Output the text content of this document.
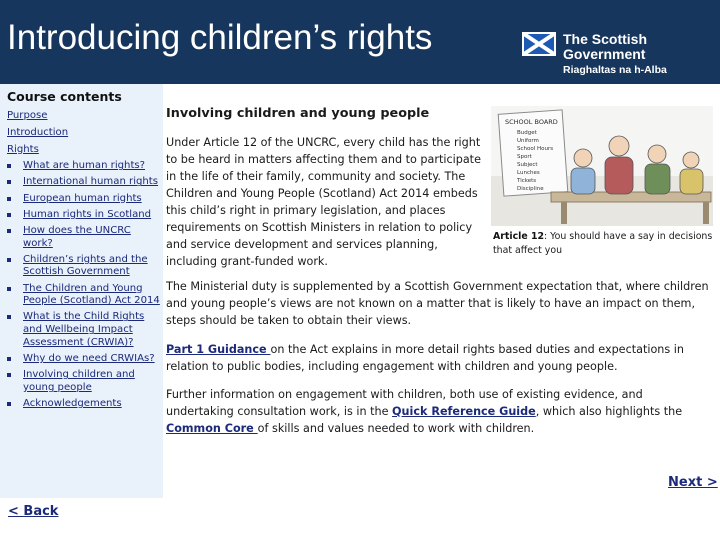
Introducing children’s rights	The Scottish Government
Riaghaltas na h-Alba
Course contents
Purpose
Introduction
Rights
What are human rights?
International human rights
European human rights
Human rights in Scotland
How does the UNCRC work?
Children’s rights and the Scottish Government
The Children and Young People (Scotland) Act 2014
What is the Child Rights and Wellbeing Impact Assessment (CRWIA)?
Why do we need CRWIAs?
Involving children and young people
Acknowledgements
Involving children and young people
Under Article 12 of the UNCRC, every child has the right to be heard in matters affecting them and to participate in the life of their family, community and society. The Children and Young People (Scotland) Act 2014 embeds this child’s right in primary legislation, and places requirements on Scottish Ministers in relation to policy and service development and services planning, including grant-funded work.
SCHOOL BOARD
Budget
Uniform
School Hours
Sport
Subject
Lunches
Tickets
Discipline
Article 12: You should have a say in decisions that affect you
The Ministerial duty is supplemented by a Scottish Government expectation that, where children and young people’s views are not known on a matter that is likely to have an impact on them, steps should be taken to obtain their views.
Part 1 Guidance on the Act explains in more detail rights based duties and expectations in relation to public bodies, including engagement with children and young people.
Further information on engagement with children, both use of existing evidence, and undertaking consultation work, is in the Quick Reference Guide, which also highlights the Common Core of skills and values needed to work with children.
< Back
Next >
